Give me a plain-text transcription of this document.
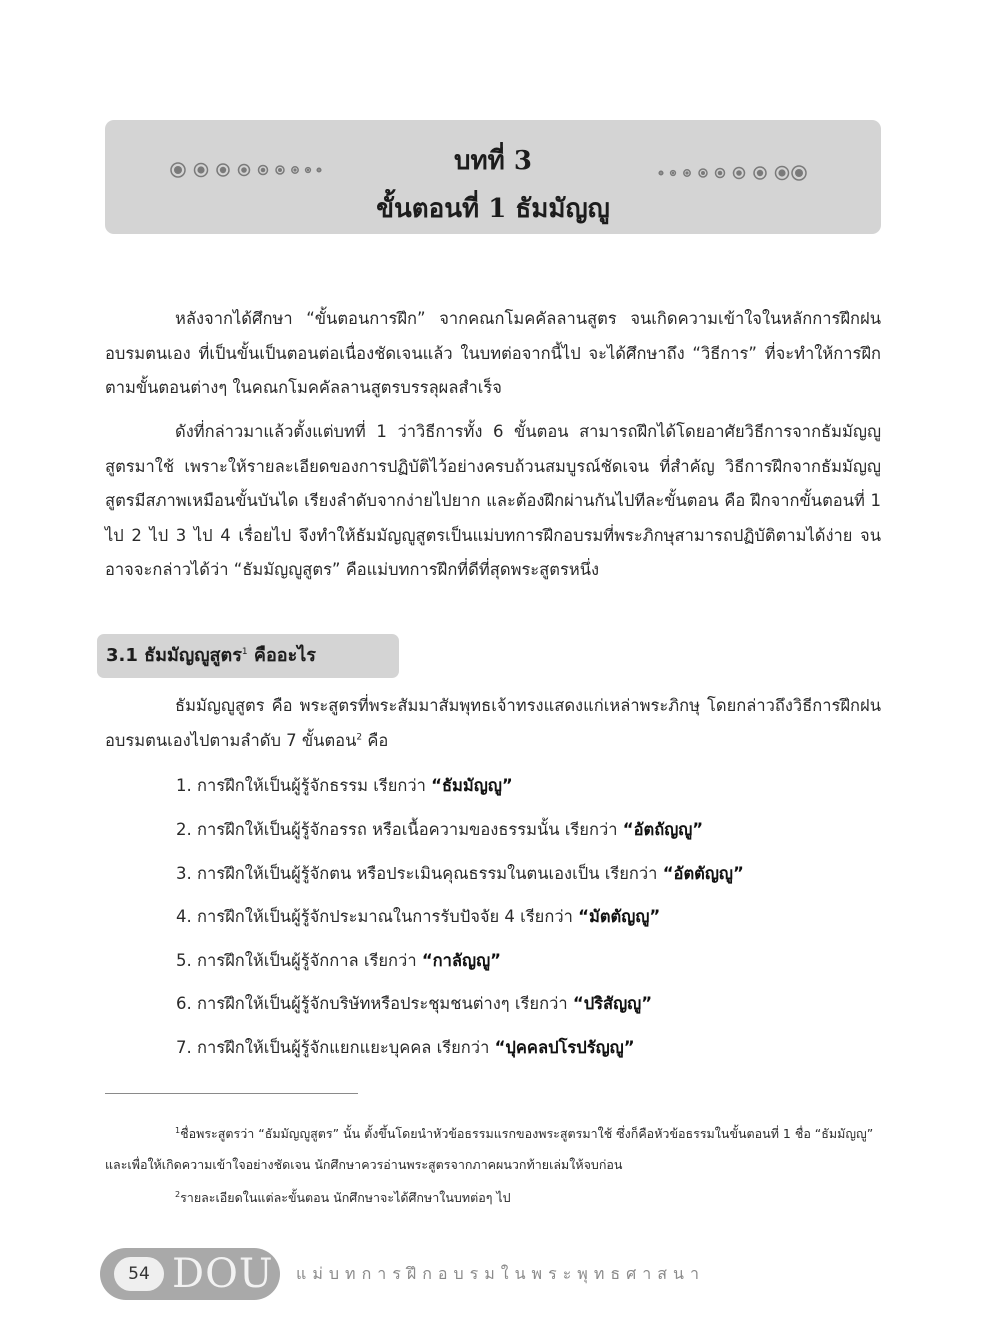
บทที่ 3
ขั้นตอนที่ 1 ธัมมัญญู

หลังจากได้ศึกษา “ขั้นตอนการฝึก” จากคณกโมคคัลลานสูตร จนเกิดความเข้าใจในหลักการฝึกฝนอบรมตนเอง ที่เป็นขั้นเป็นตอนต่อเนื่องชัดเจนแล้ว ในบทต่อจากนี้ไป จะได้ศึกษาถึง “วิธีการ” ที่จะทำให้การฝึกตามขั้นตอนต่างๆ ในคณกโมคคัลลานสูตรบรรลุผลสำเร็จ

ดังที่กล่าวมาแล้วตั้งแต่บทที่ 1 ว่าวิธีการทั้ง 6 ขั้นตอน สามารถฝึกได้โดยอาศัยวิธีการจากธัมมัญญูสูตรมาใช้ เพราะให้รายละเอียดของการปฏิบัติไว้อย่างครบถ้วนสมบูรณ์ชัดเจน ที่สำคัญ วิธีการฝึกจากธัมมัญญูสูตรมีสภาพเหมือนขั้นบันได เรียงลำดับจากง่ายไปยาก และต้องฝึกผ่านกันไปทีละขั้นตอน คือ ฝึกจากขั้นตอนที่ 1 ไป 2 ไป 3 ไป 4 เรื่อยไป จึงทำให้ธัมมัญญูสูตรเป็นแม่บทการฝึกอบรมที่พระภิกษุสามารถปฏิบัติตามได้ง่าย จนอาจจะกล่าวได้ว่า “ธัมมัญญูสูตร” คือแม่บทการฝึกที่ดีที่สุดพระสูตรหนึ่ง

3.1 ธัมมัญญูสูตร$^1$ คืออะไร

ธัมมัญญูสูตร คือ พระสูตรที่พระสัมมาสัมพุทธเจ้าทรงแสดงแก่เหล่าพระภิกษุ โดยกล่าวถึงวิธีการฝึกฝนอบรมตนเองไปตามลำดับ 7 ขั้นตอน$^2$ คือ

1. การฝึกให้เป็นผู้รู้จักธรรม เรียกว่า “ธัมมัญญู”
2. การฝึกให้เป็นผู้รู้จักอรรถ หรือเนื้อความของธรรมนั้น เรียกว่า “อัตถัญญู”
3. การฝึกให้เป็นผู้รู้จักตน หรือประเมินคุณธรรมในตนเองเป็น เรียกว่า “อัตตัญญู”
4. การฝึกให้เป็นผู้รู้จักประมาณในการรับปัจจัย 4 เรียกว่า “มัตตัญญู”
5. การฝึกให้เป็นผู้รู้จักกาล เรียกว่า “กาลัญญู”
6. การฝึกให้เป็นผู้รู้จักบริษัทหรือประชุมชนต่างๆ เรียกว่า “ปริสัญญู”
7. การฝึกให้เป็นผู้รู้จักแยกแยะบุคคล เรียกว่า “ปุคคลปโรปรัญญู”

$^1$ชื่อพระสูตรว่า “ธัมมัญญูสูตร” นั้น ตั้งขึ้นโดยนำหัวข้อธรรมแรกของพระสูตรมาใช้ ซึ่งก็คือหัวข้อธรรมในขั้นตอนที่ 1 ชื่อ “ธัมมัญญู” และเพื่อให้เกิดความเข้าใจอย่างชัดเจน นักศึกษาควรอ่านพระสูตรจากภาคผนวกท้ายเล่มให้จบก่อน

$^2$รายละเอียดในแต่ละขั้นตอน นักศึกษาจะได้ศึกษาในบทต่อๆ ไป

54 DOU แม่บทการฝึกอบรมในพระพุทธศาสนา
